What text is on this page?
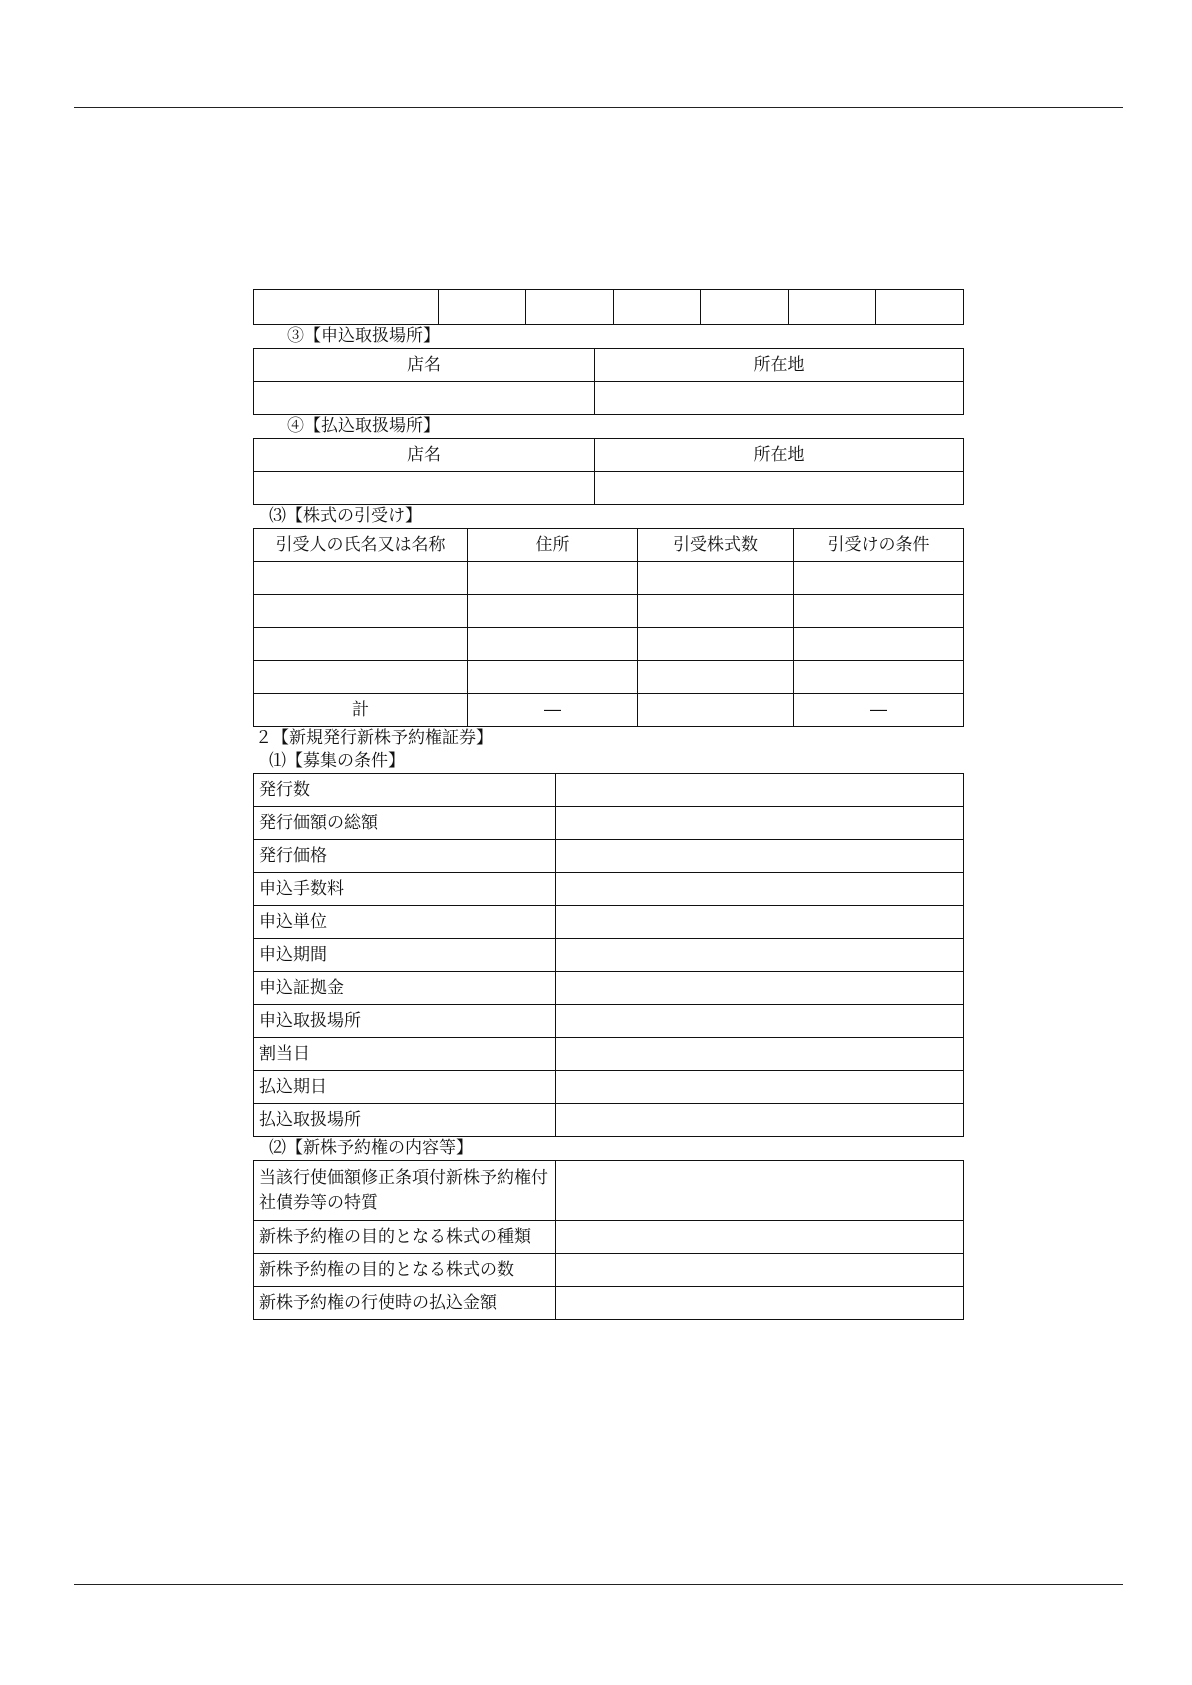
③【申込取扱場所】
店名	所在地

④【払込取扱場所】
店名	所在地

⑶【株式の引受け】
引受人の氏名又は名称	住所	引受株式数	引受けの条件

計	―		―
２【新規発行新株予約権証券】
⑴【募集の条件】
発行数	
発行価額の総額	
発行価格	
申込手数料	
申込単位	
申込期間	
申込証拠金	
申込取扱場所	
割当日	
払込期日	
払込取扱場所	
⑵【新株予約権の内容等】
当該行使価額修正条項付新株予約権付社債券等の特質	
新株予約権の目的となる株式の種類	
新株予約権の目的となる株式の数	
新株予約権の行使時の払込金額	
